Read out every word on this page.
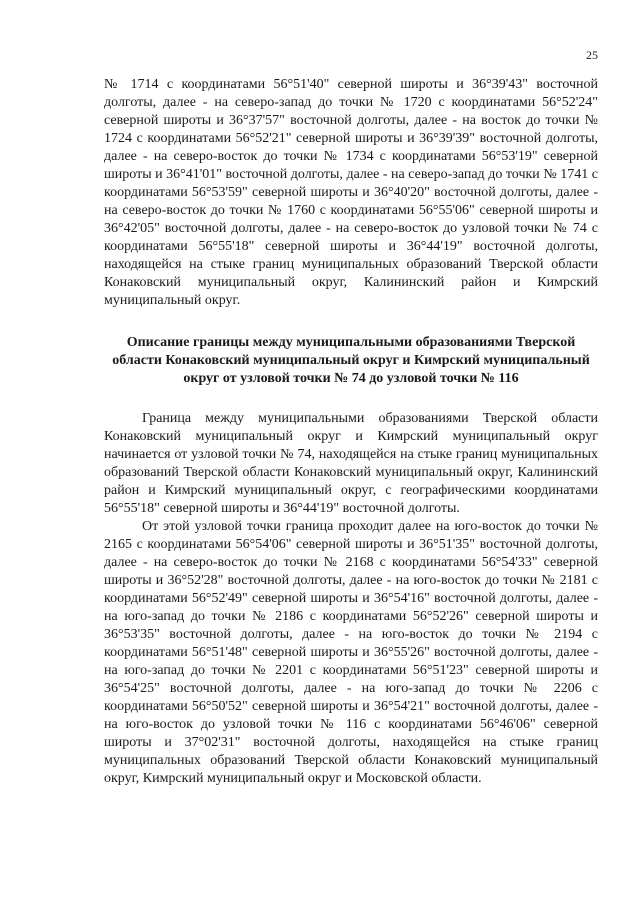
25

№ 1714 с координатами 56°51'40" северной широты и 36°39'43" восточной долготы, далее - на северо-запад до точки № 1720 с координатами 56°52'24" северной широты и 36°37'57" восточной долготы, далее - на восток до точки № 1724 с координатами 56°52'21" северной широты и 36°39'39" восточной долготы, далее - на северо-восток до точки № 1734 с координатами 56°53'19" северной широты и 36°41'01" восточной долготы, далее - на северо-запад до точки № 1741 с координатами 56°53'59" северной широты и 36°40'20" восточной долготы, далее - на северо-восток до точки № 1760 с координатами 56°55'06" северной широты и 36°42'05" восточной долготы, далее - на северо-восток до узловой точки № 74 с координатами 56°55'18" северной широты и 36°44'19" восточной долготы, находящейся на стыке границ муниципальных образований Тверской области Конаковский муниципальный округ, Калининский район и Кимрский муниципальный округ.

Описание границы между муниципальными образованиями Тверской области Конаковский муниципальный округ и Кимрский муниципальный округ от узловой точки № 74 до узловой точки № 116

Граница между муниципальными образованиями Тверской области Конаковский муниципальный округ и Кимрский муниципальный округ начинается от узловой точки № 74, находящейся на стыке границ муниципальных образований Тверской области Конаковский муниципальный округ, Калининский район и Кимрский муниципальный округ, с географическими координатами 56°55'18" северной широты и 36°44'19" восточной долготы.

От этой узловой точки граница проходит далее на юго-восток до точки № 2165 с координатами 56°54'06" северной широты и 36°51'35" восточной долготы, далее - на северо-восток до точки № 2168 с координатами 56°54'33" северной широты и 36°52'28" восточной долготы, далее - на юго-восток до точки № 2181 с координатами 56°52'49" северной широты и 36°54'16" восточной долготы, далее - на юго-запад до точки № 2186 с координатами 56°52'26" северной широты и 36°53'35" восточной долготы, далее - на юго-восток до точки № 2194 с координатами 56°51'48" северной широты и 36°55'26" восточной долготы, далее - на юго-запад до точки № 2201 с координатами 56°51'23" северной широты и 36°54'25" восточной долготы, далее - на юго-запад до точки № 2206 с координатами 56°50'52" северной широты и 36°54'21" восточной долготы, далее - на юго-восток до узловой точки № 116 с координатами 56°46'06" северной широты и 37°02'31" восточной долготы, находящейся на стыке границ муниципальных образований Тверской области Конаковский муниципальный округ, Кимрский муниципальный округ и Московской области.
